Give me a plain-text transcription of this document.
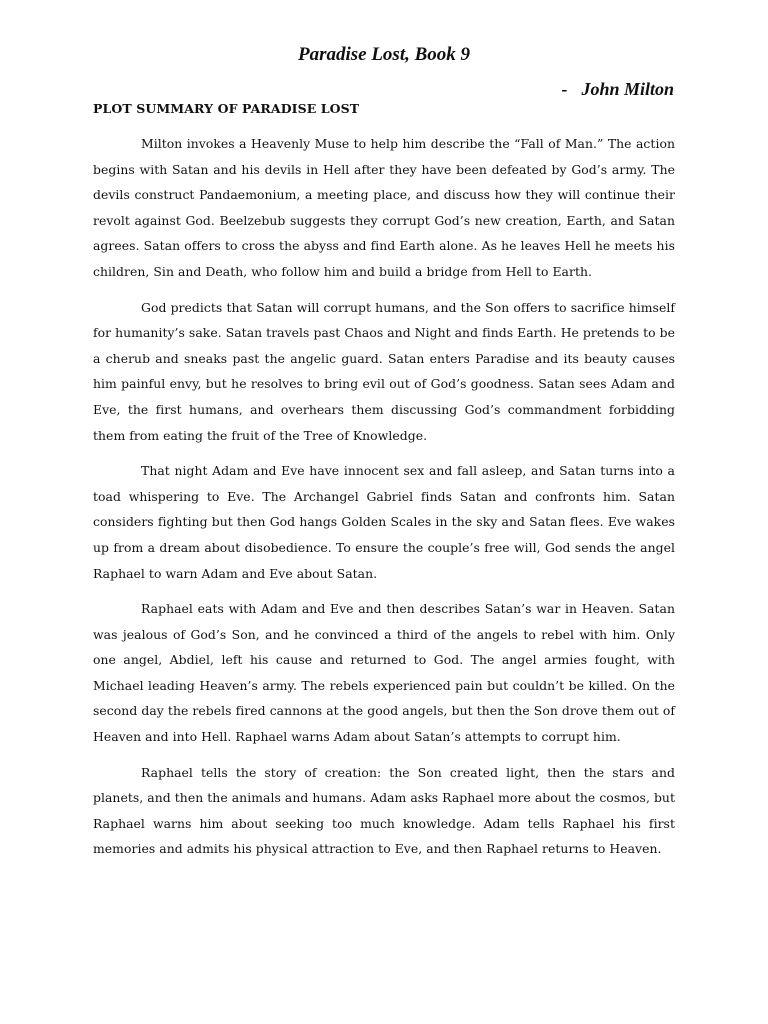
Paradise Lost, Book 9
- John Milton
PLOT SUMMARY OF PARADISE LOST

Milton invokes a Heavenly Muse to help him describe the “Fall of Man.” The action begins with Satan and his devils in Hell after they have been defeated by God’s army. The devils construct Pandaemonium, a meeting place, and discuss how they will continue their revolt against God. Beelzebub suggests they corrupt God’s new creation, Earth, and Satan agrees. Satan offers to cross the abyss and find Earth alone. As he leaves Hell he meets his children, Sin and Death, who follow him and build a bridge from Hell to Earth.

God predicts that Satan will corrupt humans, and the Son offers to sacrifice himself for humanity’s sake. Satan travels past Chaos and Night and finds Earth. He pretends to be a cherub and sneaks past the angelic guard. Satan enters Paradise and its beauty causes him painful envy, but he resolves to bring evil out of God’s goodness. Satan sees Adam and Eve, the first humans, and overhears them discussing God’s commandment forbidding them from eating the fruit of the Tree of Knowledge.

That night Adam and Eve have innocent sex and fall asleep, and Satan turns into a toad whispering to Eve. The Archangel Gabriel finds Satan and confronts him. Satan considers fighting but then God hangs Golden Scales in the sky and Satan flees. Eve wakes up from a dream about disobedience. To ensure the couple’s free will, God sends the angel Raphael to warn Adam and Eve about Satan.

Raphael eats with Adam and Eve and then describes Satan’s war in Heaven. Satan was jealous of God’s Son, and he convinced a third of the angels to rebel with him. Only one angel, Abdiel, left his cause and returned to God. The angel armies fought, with Michael leading Heaven’s army. The rebels experienced pain but couldn’t be killed. On the second day the rebels fired cannons at the good angels, but then the Son drove them out of Heaven and into Hell. Raphael warns Adam about Satan’s attempts to corrupt him.

Raphael tells the story of creation: the Son created light, then the stars and planets, and then the animals and humans. Adam asks Raphael more about the cosmos, but Raphael warns him about seeking too much knowledge. Adam tells Raphael his first memories and admits his physical attraction to Eve, and then Raphael returns to Heaven.
